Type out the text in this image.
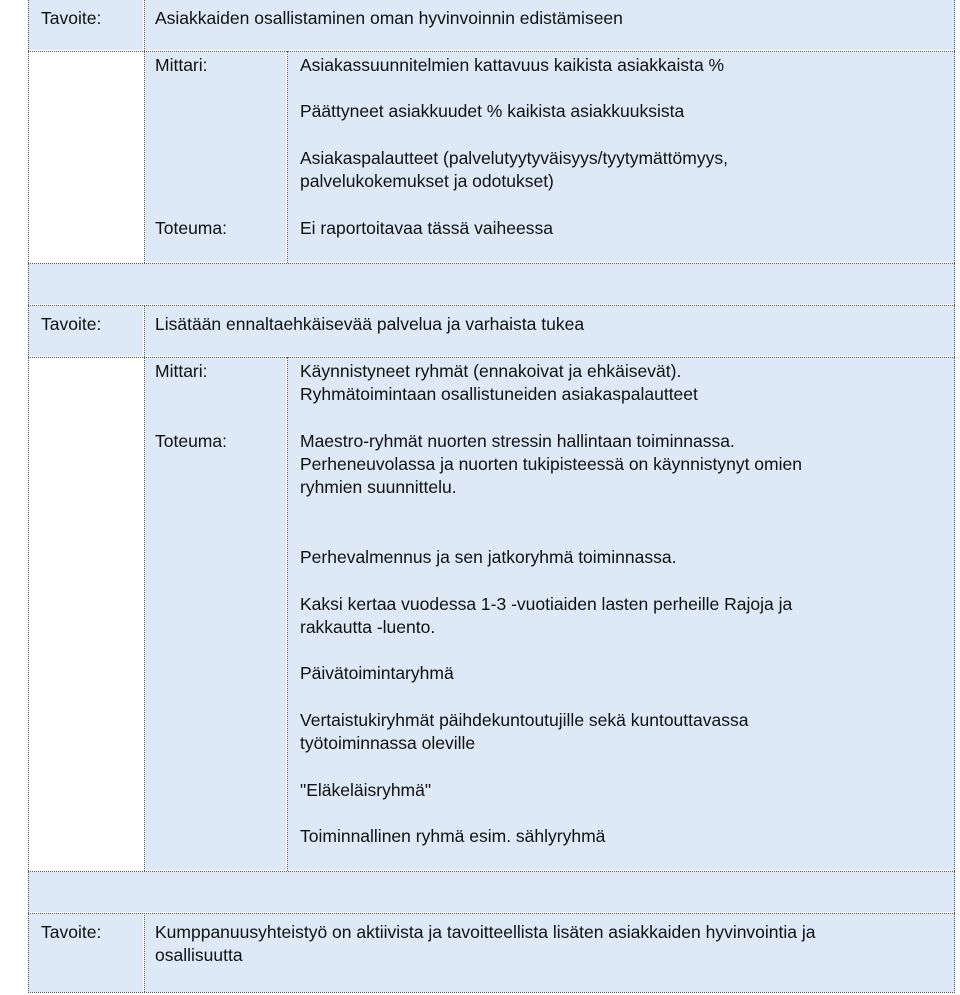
Tavoite:	Asiakkaiden osallistaminen oman hyvinvoinnin edistämiseen
Mittari:	Asiakassuunnitelmien kattavuus kaikista asiakkaista %
Päättyneet asiakkuudet % kaikista asiakkuuksista
Asiakaspalautteet (palvelutyytyväisyys/tyytymättömyys,
palvelukokemukset ja odotukset)
Toteuma:	Ei raportoitavaa tässä vaiheessa
Tavoite:	Lisätään ennaltaehkäisevää palvelua ja varhaista tukea
Mittari:	Käynnistyneet ryhmät (ennakoivat ja ehkäisevät).
Ryhmätoimintaan osallistuneiden asiakaspalautteet
Toteuma:	Maestro-ryhmät nuorten stressin hallintaan toiminnassa.
Perheneuvolassa ja nuorten tukipisteessä on käynnistynyt omien
ryhmien suunnittelu.
Perhevalmennus ja sen jatkoryhmä toiminnassa.
Kaksi kertaa vuodessa 1-3 -vuotiaiden lasten perheille Rajoja ja
rakkautta -luento.
Päivätoimintaryhmä
Vertaistukiryhmät päihdekuntoutujille sekä kuntouttavassa
työtoiminnassa oleville
"Eläkeläisryhmä"
Toiminnallinen ryhmä esim. sählyryhmä
Tavoite:	Kumppanuusyhteistyö on aktiivista ja tavoitteellista lisäten asiakkaiden hyvinvointia ja
osallisuutta
